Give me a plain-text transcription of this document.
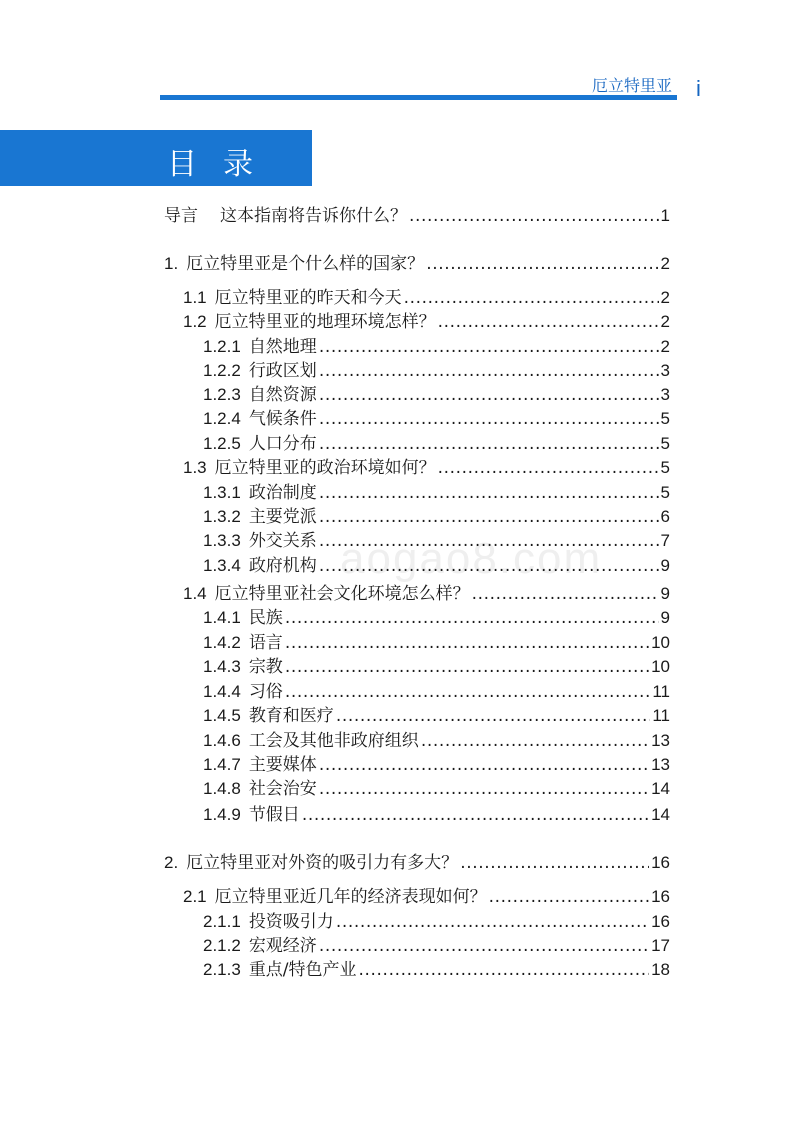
厄立特里亚 i
目录
aogao8.com
导言 这本指南将告诉你什么？ .....	1
1. 厄立特里亚是个什么样的国家？ .....	2
1.1 厄立特里亚的昨天和今天 .....	2
1.2 厄立特里亚的地理环境怎样？ .....	2
1.2.1 自然地理 .....	2
1.2.2 行政区划 .....	3
1.2.3 自然资源 .....	3
1.2.4 气候条件 .....	5
1.2.5 人口分布 .....	5
1.3 厄立特里亚的政治环境如何？ .....	5
1.3.1 政治制度 .....	5
1.3.2 主要党派 .....	6
1.3.3 外交关系 .....	7
1.3.4 政府机构 .....	9
1.4 厄立特里亚社会文化环境怎么样？ .....	9
1.4.1 民族 .....	9
1.4.2 语言 .....	10
1.4.3 宗教 .....	10
1.4.4 习俗 .....	11
1.4.5 教育和医疗 .....	11
1.4.6 工会及其他非政府组织 .....	13
1.4.7 主要媒体 .....	13
1.4.8 社会治安 .....	14
1.4.9 节假日 .....	14
2. 厄立特里亚对外资的吸引力有多大？ .....	16
2.1 厄立特里亚近几年的经济表现如何？ .....	16
2.1.1 投资吸引力 .....	16
2.1.2 宏观经济 .....	17
2.1.3 重点/特色产业 .....	18
